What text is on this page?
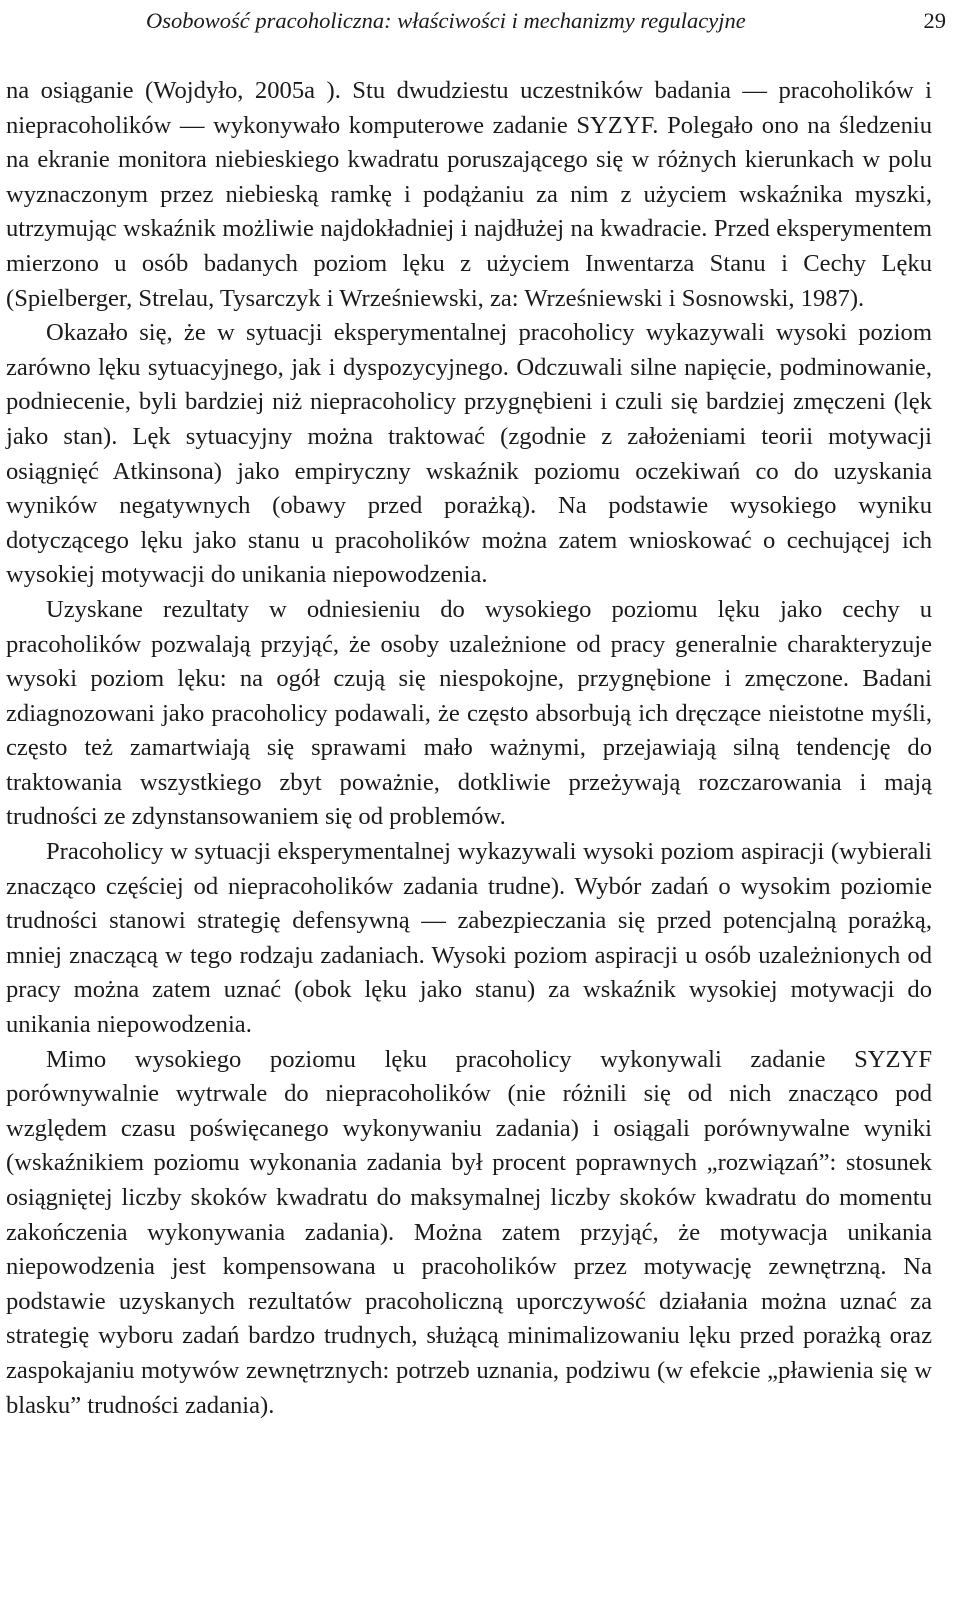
Osobowość pracoholiczna: właściwości i mechanizmy regulacyjne	29

na osiąganie (Wojdyło, 2005a ). Stu dwudziestu uczestników badania — pracoholików i niepracoholików — wykonywało komputerowe zadanie SYZYF. Polegało ono na śledzeniu na ekranie monitora niebieskiego kwadratu poruszającego się w różnych kierunkach w polu wyznaczonym przez niebieską ramkę i podążaniu za nim z użyciem wskaźnika myszki, utrzymując wskaźnik możliwie najdokładniej i najdłużej na kwadracie. Przed eksperymentem mierzono u osób badanych poziom lęku z użyciem Inwentarza Stanu i Cechy Lęku (Spielberger, Strelau, Tysarczyk i Wrześniewski, za: Wrześniewski i Sosnowski, 1987).

Okazało się, że w sytuacji eksperymentalnej pracoholicy wykazywali wysoki poziom zarówno lęku sytuacyjnego, jak i dyspozycyjnego. Odczuwali silne napięcie, podminowanie, podniecenie, byli bardziej niż niepracoholicy przygnębieni i czuli się bardziej zmęczeni (lęk jako stan). Lęk sytuacyjny można traktować (zgodnie z założeniami teorii motywacji osiągnięć Atkinsona) jako empiryczny wskaźnik poziomu oczekiwań co do uzyskania wyników negatywnych (obawy przed porażką). Na podstawie wysokiego wyniku dotyczącego lęku jako stanu u pracoholików można zatem wnioskować o cechującej ich wysokiej motywacji do unikania niepowodzenia.

Uzyskane rezultaty w odniesieniu do wysokiego poziomu lęku jako cechy u pracoholików pozwalają przyjąć, że osoby uzależnione od pracy generalnie charakteryzuje wysoki poziom lęku: na ogół czują się niespokojne, przygnębione i zmęczone. Badani zdiagnozowani jako pracoholicy podawali, że często absorbują ich dręczące nieistotne myśli, często też zamartwiają się sprawami mało ważnymi, przejawiają silną tendencję do traktowania wszystkiego zbyt poważnie, dotkliwie przeżywają rozczarowania i mają trudności ze zdynstansowaniem się od problemów.

Pracoholicy w sytuacji eksperymentalnej wykazywali wysoki poziom aspiracji (wybierali znacząco częściej od niepracoholików zadania trudne). Wybór zadań o wysokim poziomie trudności stanowi strategię defensywną — zabezpieczania się przed potencjalną porażką, mniej znaczącą w tego rodzaju zadaniach. Wysoki poziom aspiracji u osób uzależnionych od pracy można zatem uznać (obok lęku jako stanu) za wskaźnik wysokiej motywacji do unikania niepowodzenia.

Mimo wysokiego poziomu lęku pracoholicy wykonywali zadanie SYZYF porównywalnie wytrwale do niepracoholików (nie różnili się od nich znacząco pod względem czasu poświęcanego wykonywaniu zadania) i osiągali porównywalne wyniki (wskaźnikiem poziomu wykonania zadania był procent poprawnych „rozwiązań”: stosunek osiągniętej liczby skoków kwadratu do maksymalnej liczby skoków kwadratu do momentu zakończenia wykonywania zadania). Można zatem przyjąć, że motywacja unikania niepowodzenia jest kompensowana u pracoholików przez motywację zewnętrzną. Na podstawie uzyskanych rezultatów pracoholiczną uporczywość działania można uznać za strategię wyboru zadań bardzo trudnych, służącą minimalizowaniu lęku przed porażką oraz zaspokajaniu motywów zewnętrznych: potrzeb uznania, podziwu (w efekcie „pławienia się w blasku” trudności zadania).
